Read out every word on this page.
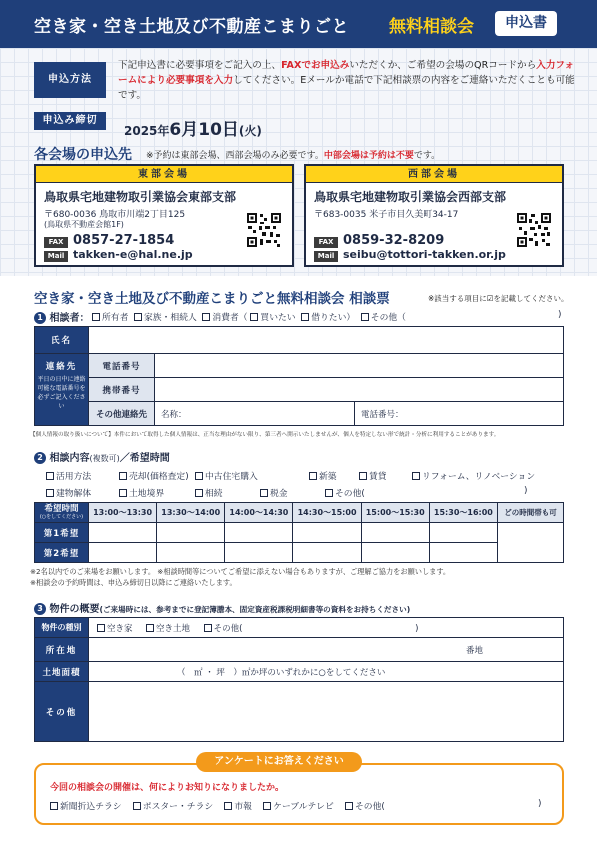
空き家・空き土地及び不動産こまりごと 無料相談会	申込書
申込方法
下記申込書に必要事項をご記入の上、FAXでお申込みいただくか、ご希望の会場のQRコードから入力フォームにより必要事項を入力してください。Eメールか電話で下記相談票の内容をご連絡いただくことも可能です。
申込み締切
2025年6月10日(火)
各会場の申込先 ※予約は東部会場、西部会場のみ必要です。中部会場は予約は不要です。
東部会場
鳥取県宅地建物取引業協会東部支部
〒680-0036 鳥取市川端2丁目125
(鳥取県不動産会館1F)
FAX 0857-27-1854
Mail takken-e@hal.ne.jp
西部会場
鳥取県宅地建物取引業協会西部支部
〒683-0035 米子市目久美町34-17
FAX 0859-32-8209
Mail seibu@tottori-takken.or.jp
空き家・空き土地及び不動産こまりごと無料相談会 相談票	※該当する項目に☑を記載してください。
1 相談者：	所有者 家族・相続人 消費者（ 買いたい 借りたい） その他（	)
氏名			

連絡先
平日の日中に連絡可能な電話番号を必ずご記入ください	電話番号		
	携帯番号		
	その他連絡先	名称：	電話番号：
【個人情報の取り扱いについて】本件において取得した個人情報は、正当な理由がない限り、第三者へ開示いたしませんが、個人を特定しない形で統計・分析に利用することがあります。
2 相談内容(複数可)／希望時間
活用方法	売却(価格査定)	中古住宅購入	新築	賃貸	リフォーム、リノベーション
建物解体	土地境界	相続	税金	その他(	)
希望時間
(○をしてください)	13:00〜13:30	13:30〜14:00	14:00〜14:30	14:30〜15:00	15:00〜15:30	15:30〜16:00	どの時間帯も可
第1希望							
第2希望							
※2名以内でのご来場をお願いします。 ※相談時間等についてご希望に添えない場合もありますが、ご理解ご協力をお願いします。
※相談会の予約時間は、申込み締切日以降にご連絡いたします。
3 物件の概要(ご来場時には、参考までに登記簿謄本、固定資産税課税明細書等の資料をお持ちください)
物件の種別	空き家 空き土地 その他( )
所在地	番地
土地面積	（　㎡ ・ 坪　）㎡か坪のいずれかに○をしてください
その他	
アンケートにお答えください
今回の相談会の開催は、何によりお知りになりましたか。
新聞折込チラシ ポスター・チラシ 市報 ケーブルテレビ その他(	)
